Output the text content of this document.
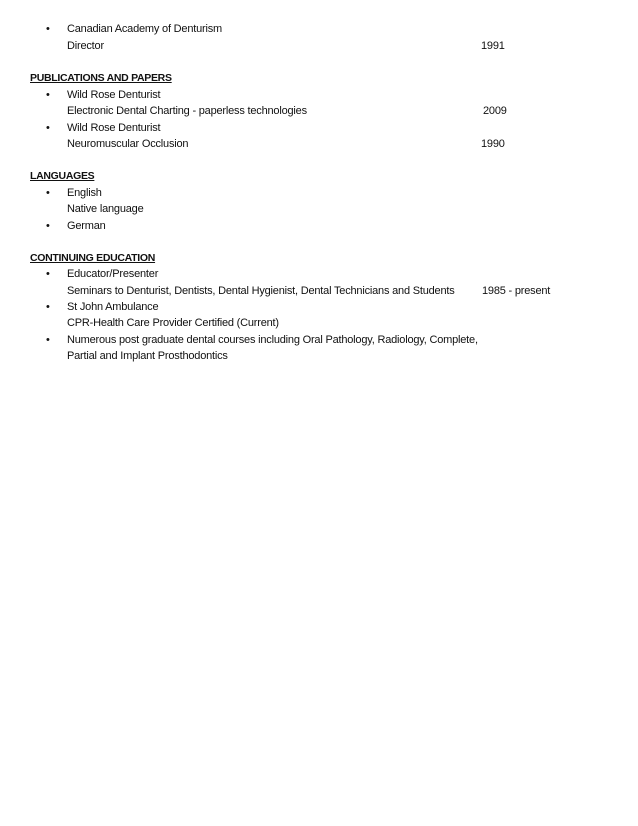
•	Canadian Academy of Denturism
Director	1991
PUBLICATIONS AND PAPERS
•	Wild Rose Denturist
Electronic Dental Charting - paperless technologies	2009
•	Wild Rose Denturist
Neuromuscular Occlusion	1990
LANGUAGES
•	English
Native language
•	German
CONTINUING EDUCATION
•	Educator/Presenter
Seminars to Denturist, Dentists, Dental Hygienist, Dental Technicians and Students 1985 - present
•	St John Ambulance
CPR-Health Care Provider Certified (Current)
•	Numerous post graduate dental courses including Oral Pathology, Radiology, Complete,
Partial and Implant Prosthodontics
